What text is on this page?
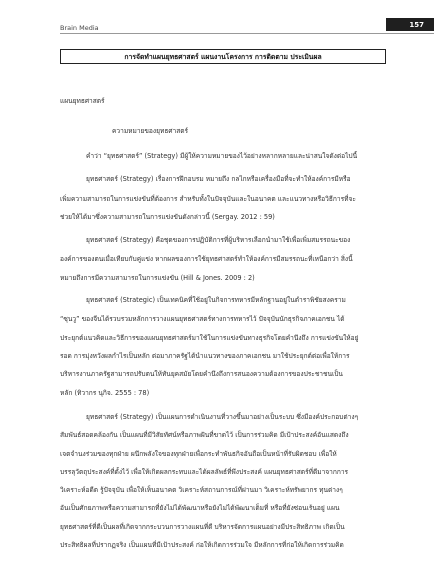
Brain Media	157
การจัดทำแผนยุทธศาสตร์ แผนงานโครงการ การติดตาม ประเมินผล
แผนยุทธศาสตร์
ความหมายของยุทธศาสตร์
คำว่า “ยุทธศาสตร์” (Strategy) มีผู้ให้ความหมายของไว้อย่างหลากหลายและน่าสนใจดังต่อไปนี้
ยุทธศาสตร์ (Strategy) เรื่องการฝึกอบรม หมายถึง กลไกหรือเครื่องมือที่จะทำให้องค์การมีหรือ
เพิ่มความสามารถในการแข่งขันที่ต้องการ สำหรับทั้งในปัจจุบันและในอนาคต และแนวทางหรือวิธีการที่จะ
ช่วยให้ได้มาซึ่งความสามารถในการแข่งขันดังกล่าวนี้ (Sergay. 2012 : 59)
ยุทธศาสตร์ (Strategy) คือชุดของการปฏิบัติการที่ผู้บริหารเลือกนำมาใช้เพื่อเพิ่มสมรรถนะของ
องค์การของตนเมื่อเทียบกับคู่แข่ง หากผลของการใช้ยุทธศาสตร์ทำให้องค์การมีสมรรถนะที่เหนือกว่า สิ่งนี้
หมายถึงการมีความสามารถในการแข่งขัน (Hill & Jones. 2009 : 2)
ยุทธศาสตร์ (Strategic) เป็นเทคนิคที่ใช้อยู่ในกิจการทหารมีหลักฐานอยู่ในตำราพิชัยสงคราม
“ซุนวู” ของจีนได้รวบรวมหลักการวางแผนยุทธศาสตร์ทางการทหารไว้ ปัจจุบันนักธุรกิจภาคเอกชน ได้
ประยุกต์แนวคิดและวิธีการของแผนยุทธศาสตร์มาใช้ในการแข่งขันทางธุรกิจโดยคำนึงถึง การแข่งขันให้อยู่
รอด การมุ่งหวังผลกำไรเป็นหลัก ต่อมาภาครัฐได้นำแนวทางของภาคเอกชน มาใช้ประยุกต์ต่อเพื่อให้การ
บริหารงานภาครัฐสามารถปรับตนให้ทันยุคสมัยโดยคำนึงถึงการสนองความต้องการของประชาชนเป็น
หลัก (ทิวากร นุกิจ. 2555 : 78)
ยุทธศาสตร์ (Strategy) เป็นแผนการดำเนินงานที่วางขึ้นมาอย่างเป็นระบบ ซึ่งมีองค์ประกอบต่างๆ
สัมพันธ์สอดคล้องกัน เป็นแผนที่มีวิสัยทัศน์หรือภาพฝันที่ขาดไว้ เป็นการร่วมคิด มีเป้าประสงค์อันแสดงถึง
เจตจำนงร่วมของทุกฝ่าย ผนึกพลังใจของทุกฝ่ายเพื่อกระทำพันธกิจอันถือเป็นหน้าที่รับผิดชอบ เพื่อให้
บรรลุวัตถุประสงค์ที่ตั้งไว้ เพื่อให้เกิดผลกระทบและได้ผลลัพธ์ที่พึงประสงค์ แผนยุทธศาสตร์ที่ดีมาจากการ
วิเคราะห์อดีต รู้ปัจจุบัน เพื่อให้เห็นอนาคต วิเคราะห์สถานการณ์ที่ผ่านมา วิเคราะห์ทรัพยากร ทุนต่างๆ
อันเป็นศักยภาพหรือความสามารถที่ยังไม่ได้พัฒนาหรือยังไม่ได้พัฒนาเต็มที่ หรือที่ยังซ่อนเร้นอยู่ แผน
ยุทธศาสตร์ที่ดีเป็นผลที่เกิดจากกระบวนการวางแผนที่ดี บริหารจัดการแผนอย่างมีประสิทธิภาพ เกิดเป็น
ประสิทธิผลที่ปรากฏจริง เป็นแผนที่มีเป้าประสงค์ ก่อให้เกิดการร่วมใจ มีหลักการที่ก่อให้เกิดการร่วมคิด
